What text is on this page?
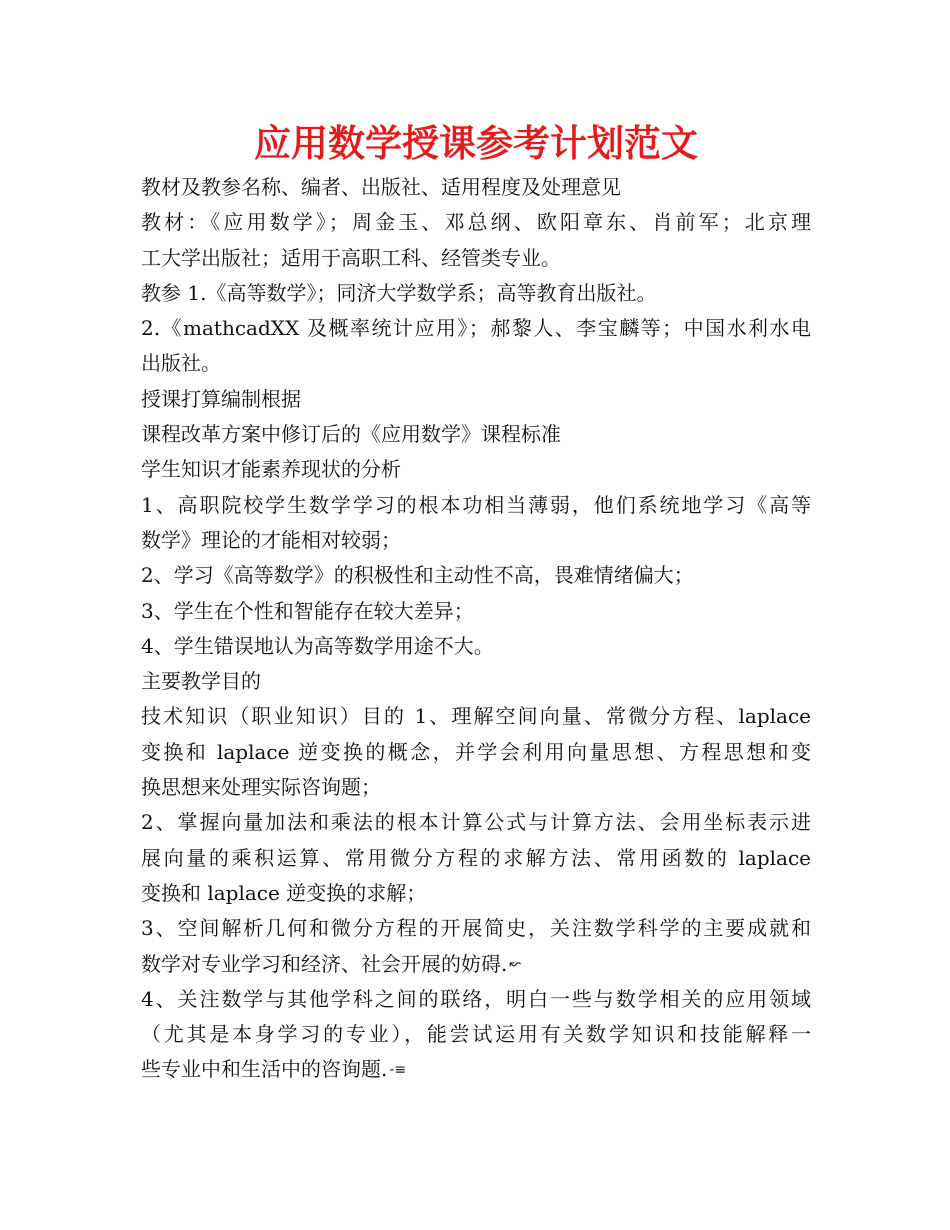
应用数学授课参考计划范文
教材及教参名称、编者、出版社、适用程度及处理意见
教材：《应用数学》；周金玉、邓总纲、欧阳章东、肖前军；北京理
工大学出版社；适用于高职工科、经管类专业。
教参 1.《高等数学》；同济大学数学系；高等教育出版社。
2.《mathcadXX 及概率统计应用》；郝黎人、李宝麟等；中国水利水电
出版社。
授课打算编制根据
课程改革方案中修订后的《应用数学》课程标准
学生知识才能素养现状的分析
1、高职院校学生数学学习的根本功相当薄弱，他们系统地学习《高等
数学》理论的才能相对较弱；
2、学习《高等数学》的积极性和主动性不高，畏难情绪偏大；
3、学生在个性和智能存在较大差异；
4、学生错误地认为高等数学用途不大。
主要教学目的
技术知识（职业知识）目的 1、理解空间向量、常微分方程、laplace
变换和 laplace 逆变换的概念，并学会利用向量思想、方程思想和变
换思想来处理实际咨询题；
2、掌握向量加法和乘法的根本计算公式与计算方法、会用坐标表示进
展向量的乘积运算、常用微分方程的求解方法、常用函数的 laplace
变换和 laplace 逆变换的求解；
3、空间解析几何和微分方程的开展简史，关注数学科学的主要成就和
数学对专业学习和经济、社会开展的妨碍. ↜
4、关注数学与其他学科之间的联络，明白一些与数学相关的应用领域
（尤其是本身学习的专业），能尝试运用有关数学知识和技能解释一
些专业中和生活中的咨询题. -≡
